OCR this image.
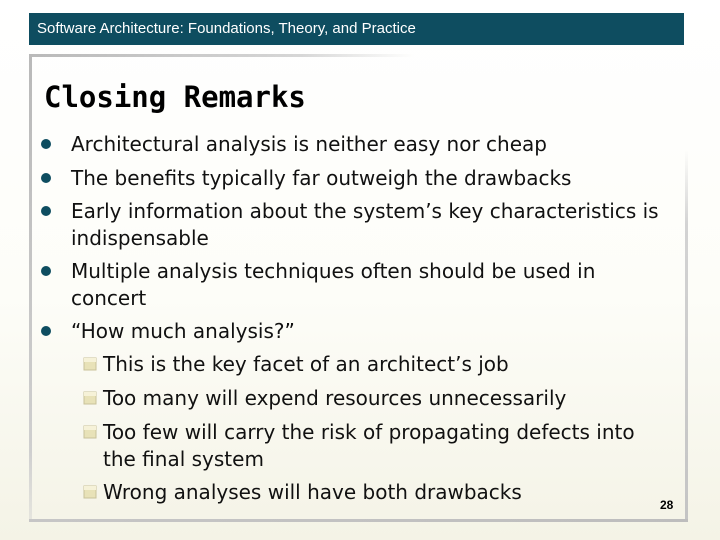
Software Architecture: Foundations, Theory, and Practice
Closing Remarks
Architectural analysis is neither easy nor cheap
The benefits typically far outweigh the drawbacks
Early information about the system’s key characteristics is indispensable
Multiple analysis techniques often should be used in concert
“How much analysis?”
This is the key facet of an architect’s job
Too many will expend resources unnecessarily
Too few will carry the risk of propagating defects into the final system
Wrong analyses will have both drawbacks
28
